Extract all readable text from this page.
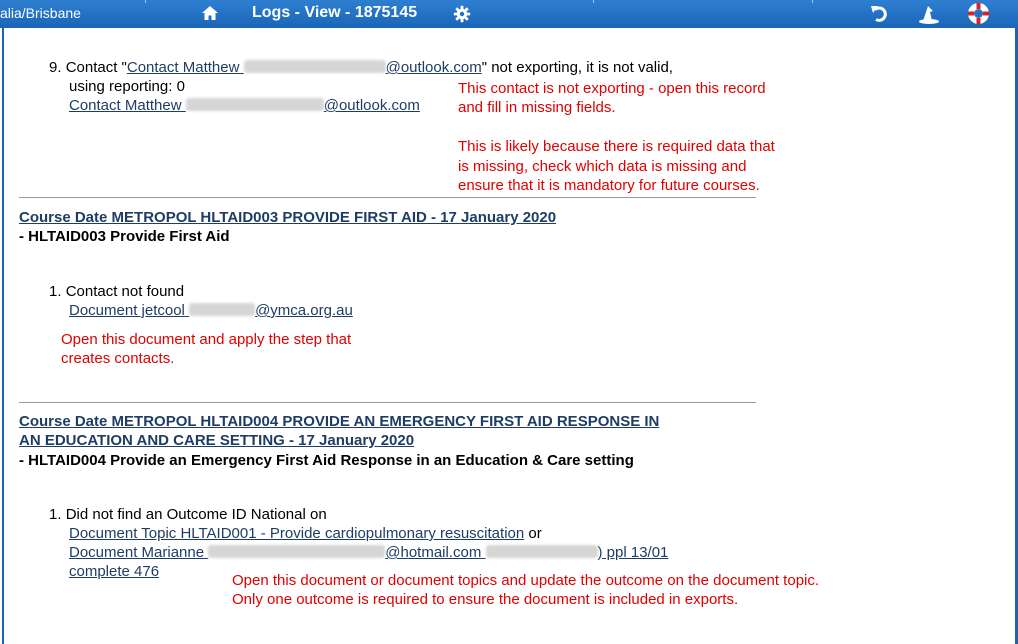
alia/Brisbane	Logs - View - 1875145
9. Contact "Contact Matthew	@outlook.com" not exporting, it is not valid,
using reporting: 0
Contact Matthew	@outlook.com
This contact is not exporting - open this record
and fill in missing fields.
This is likely because there is required data that
is missing, check which data is missing and
ensure that it is mandatory for future courses.
Course Date METROPOL HLTAID003 PROVIDE FIRST AID - 17 January 2020
- HLTAID003 Provide First Aid
1. Contact not found
Document jetcool	@ymca.org.au
Open this document and apply the step that
creates contacts.
Course Date METROPOL HLTAID004 PROVIDE AN EMERGENCY FIRST AID RESPONSE IN
AN EDUCATION AND CARE SETTING - 17 January 2020
- HLTAID004 Provide an Emergency First Aid Response in an Education & Care setting
1. Did not find an Outcome ID National on
Document Topic HLTAID001 - Provide cardiopulmonary resuscitation or
Document Marianne	@hotmail.com	) ppl 13/01
complete 476
Open this document or document topics and update the outcome on the document topic.
Only one outcome is required to ensure the document is included in exports.
